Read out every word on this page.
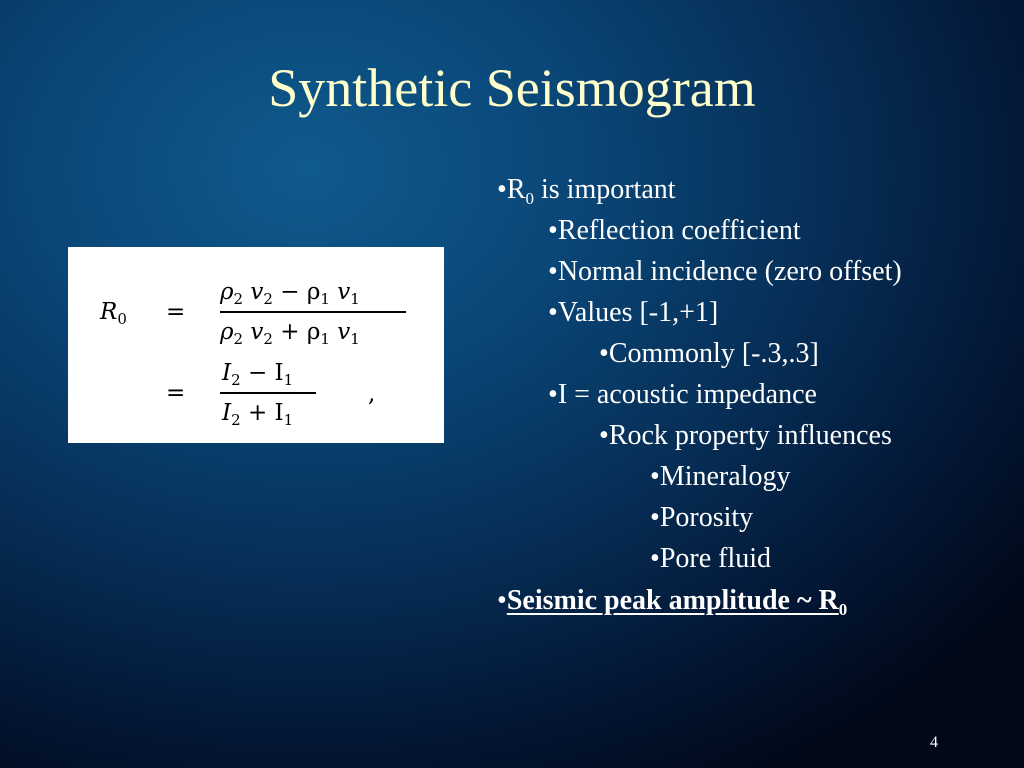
Synthetic Seismogram
$R_0$ =
$\rho_2$ $v_2 - \rho_1$ $v_1$
$\rho_2$ $v_2 + \rho_1$ $v_1$
=
$I_2 - I_1$
$I_2 + I_1$
,
$•R_0$ is important
•Reflection coefficient
•Normal incidence (zero offset)
•Values [-1,+1]
•Commonly [-.3,.3]
•I = acoustic impedance
•Rock property influences
•Mineralogy
•Porosity
•Pore fluid
•Seismic peak amplitude ~ $R_0$
4
